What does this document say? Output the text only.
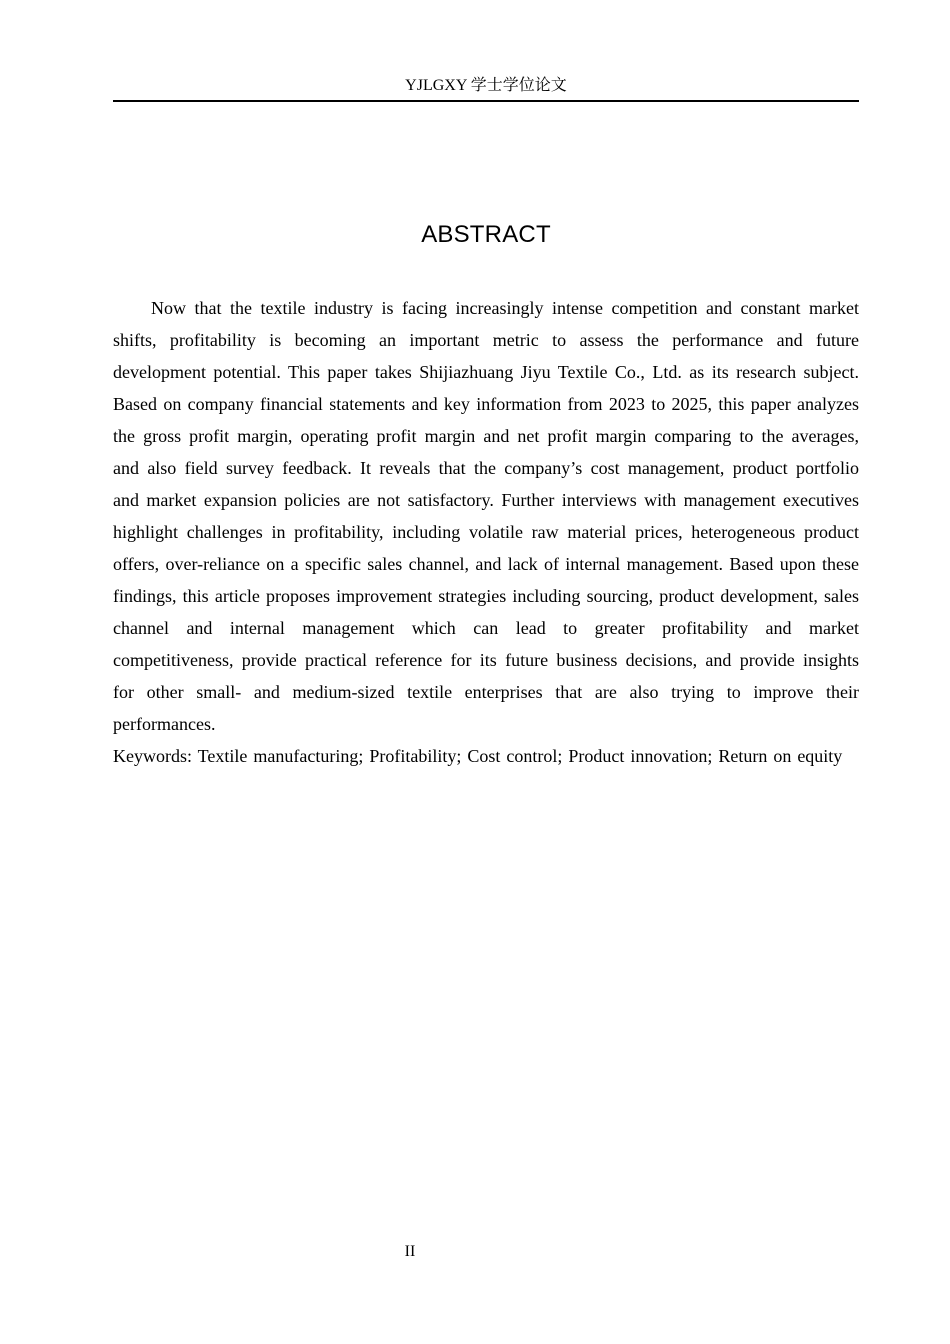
YJLGXY 学士学位论文
ABSTRACT

Now that the textile industry is facing increasingly intense competition and constant market shifts, profitability is becoming an important metric to assess the performance and future development potential. This paper takes Shijiazhuang Jiyu Textile Co., Ltd. as its research subject. Based on company financial statements and key information from 2023 to 2025, this paper analyzes the gross profit margin, operating profit margin and net profit margin comparing to the averages, and also field survey feedback. It reveals that the company’s cost management, product portfolio and market expansion policies are not satisfactory. Further interviews with management executives highlight challenges in profitability, including volatile raw material prices, heterogeneous product offers, over-reliance on a specific sales channel, and lack of internal management. Based upon these findings, this article proposes improvement strategies including sourcing, product development, sales channel and internal management which can lead to greater profitability and market competitiveness, provide practical reference for its future business decisions, and provide insights for other small- and medium-sized textile enterprises that are also trying to improve their performances.

Keywords: Textile manufacturing; Profitability; Cost control; Product innovation; Return on equity

II
